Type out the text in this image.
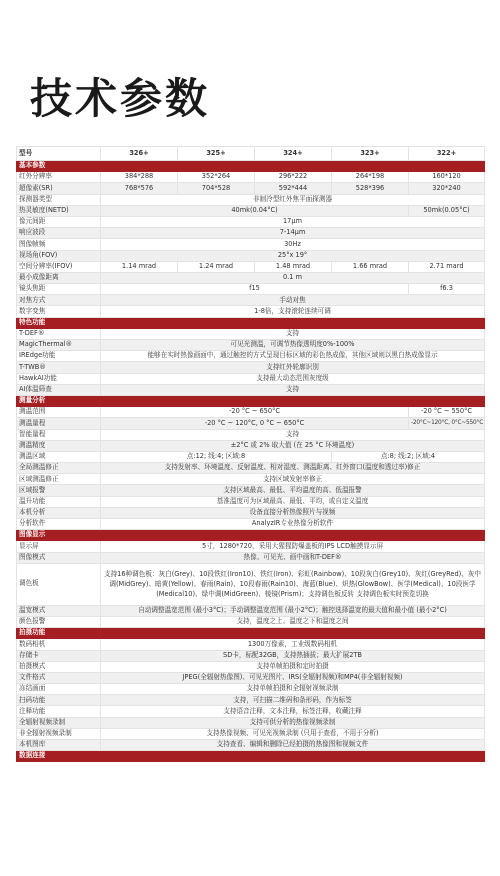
技术参数
型号	326+	325+	324+	323+	322+
基本参数					
红外分辨率	384*288	352*264	296*222	264*198	160*120
超像素(SR)	768*576	704*528	592*444	528*396	320*240
探测器类型	非制冷型红外焦平面探测器				
热灵敏度(NETD)	40mk(0.04°C)				50mk(0.05°C)
像元间距	17μm				
响应波段	7-14μm				
图像帧频	30Hz				
视场角(FOV)	25°x 19°				
空间分辨率(IFOV)	1.14 mrad	1.24 mrad	1.48 mrad	1.66 mrad	2.71 mard
最小成像距离	0.1 m				
镜头焦距	f15				f6.3
对焦方式	手动对焦				
数字变焦	1-8倍，支持滚轮连续可调				
特色功能					
T-DEF®	支持				
MagicThermal®	可见光测温，可调节热像透明度0%-100%				
IREdge功能	能够在实时热像画面中，通过触控的方式呈现目标区域的彩色热成像，其他区域则以黑白热成像显示				
T-TWB®	支持红外轮廓识别				
HawkAI功能	支持最大动态范围灰度级				
AI体温筛查	支持				
测量分析					
测温范围	-20 °C ~ 650°C				-20 °C ~ 550°C
测温量程	-20 °C ~ 120°C, 0 °C ~ 650°C				-20°C~120°C, 0°C~550°C
智能量程	支持				
测温精度	±2°C 或 2% 取大值 (在 25 °C 环境温度)				
测温区域	点:12; 线:4; 区域:8			点:8; 线:2; 区域:4	
全局测温修正	支持发射率、环境温度、反射温度、相对湿度、测温距离、红外窗口(温度和透过率)修正				
区域测温修正	支持区域发射率修正				
区域报警	支持区域最高、最低、平均温度的高、低温报警				
温升功能	基准温度可为区域最高、最低、平均，或自定义温度				
本机分析	设备直接分析热像照片与视频				
分析软件	AnalyzIR专业热像分析软件				
图像显示					
显示屏	5寸，1280*720，采用大猩猩防爆盖板的IPS LCD触摸显示屏				
图像模式	热像、可见光、画中画和T-DEF®				
调色板	支持16种调色板：灰白(Grey)、10段铁红(Iron10)、铁红(Iron)、彩虹(Rainbow)、10段灰白(Grey10)、灰红(GreyRed)、灰中调(MidGrey)、暗黄(Yellow)、春雨(Rain)、10段春雨(Rain10)、海蓝(Blue)、炽热(GlowBow)、医学(Medical)、10段医学(Medical10)、绿中调(MidGreen)、棱镜(Prism)；支持调色板反转 支持调色板实时预览切换				
温宽模式	自动调整温宽范围 (最小3°C)；手动调整温宽范围 (最小2°C)；触控选择温宽的最大值和最小值 (最小2°C)				
颜色报警	支持，温度之上、温度之下和温度之间				
拍摄功能					
数码相机	1300万像素，工业级数码相机				
存储卡	SD卡，标配32GB，支持热插拔；最大扩展2TB				
拍摄模式	支持单帧拍摄和定时拍摄				
文件格式	JPEG(全辐射热像图)、可见光图片、IRS(全辐射视频)和MP4(非全辐射视频)				
冻结画面	支持单帧拍摄和全辐射视频录制				
扫码功能	支持，可扫描二维码和条形码，作为标签				
注释功能	支持语音注释，文本注释，标签注释，收藏注释				
全辐射视频录制	支持可供分析的热像视频录制				
非全辐射视频录制	支持热像视频、可见光视频录制 (只用于查看，不用于分析)				
本机图库	支持查看、编辑和删除已经拍摄的热像图和视频文件				
数据连接					
